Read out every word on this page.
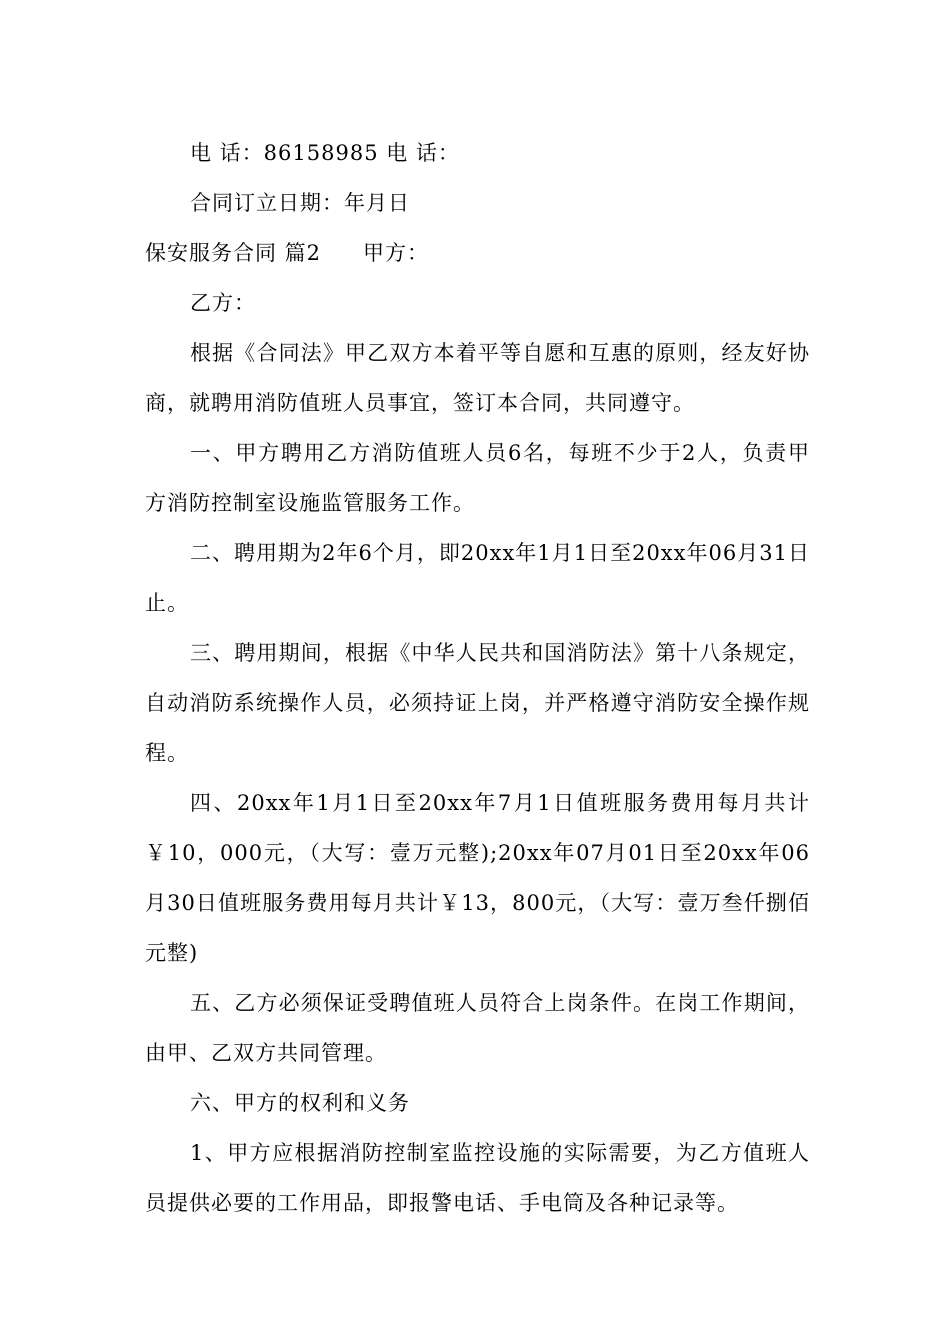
电 话：86158985 电 话：
合同订立日期：年月日
保安服务合同 篇2 甲方：
乙方：

根据《合同法》甲乙双方本着平等自愿和互惠的原则，经友好协商，就聘用消防值班人员事宜，签订本合同，共同遵守。

一、甲方聘用乙方消防值班人员6名，每班不少于2人，负责甲方消防控制室设施监管服务工作。

二、聘用期为2年6个月，即20xx年1月1日至20xx年06月31日止。

三、聘用期间，根据《中华人民共和国消防法》第十八条规定，自动消防系统操作人员，必须持证上岗，并严格遵守消防安全操作规程。

四、20xx年1月1日至20xx年7月1日值班服务费用每月共计￥10，000元，（大写：壹万元整);20xx年07月01日至20xx年06月30日值班服务费用每月共计￥13，800元，（大写：壹万叁仟捌佰元整)

五、乙方必须保证受聘值班人员符合上岗条件。在岗工作期间，由甲、乙双方共同管理。

六、甲方的权利和义务

1、甲方应根据消防控制室监控设施的实际需要，为乙方值班人员提供必要的工作用品，即报警电话、手电筒及各种记录等。
